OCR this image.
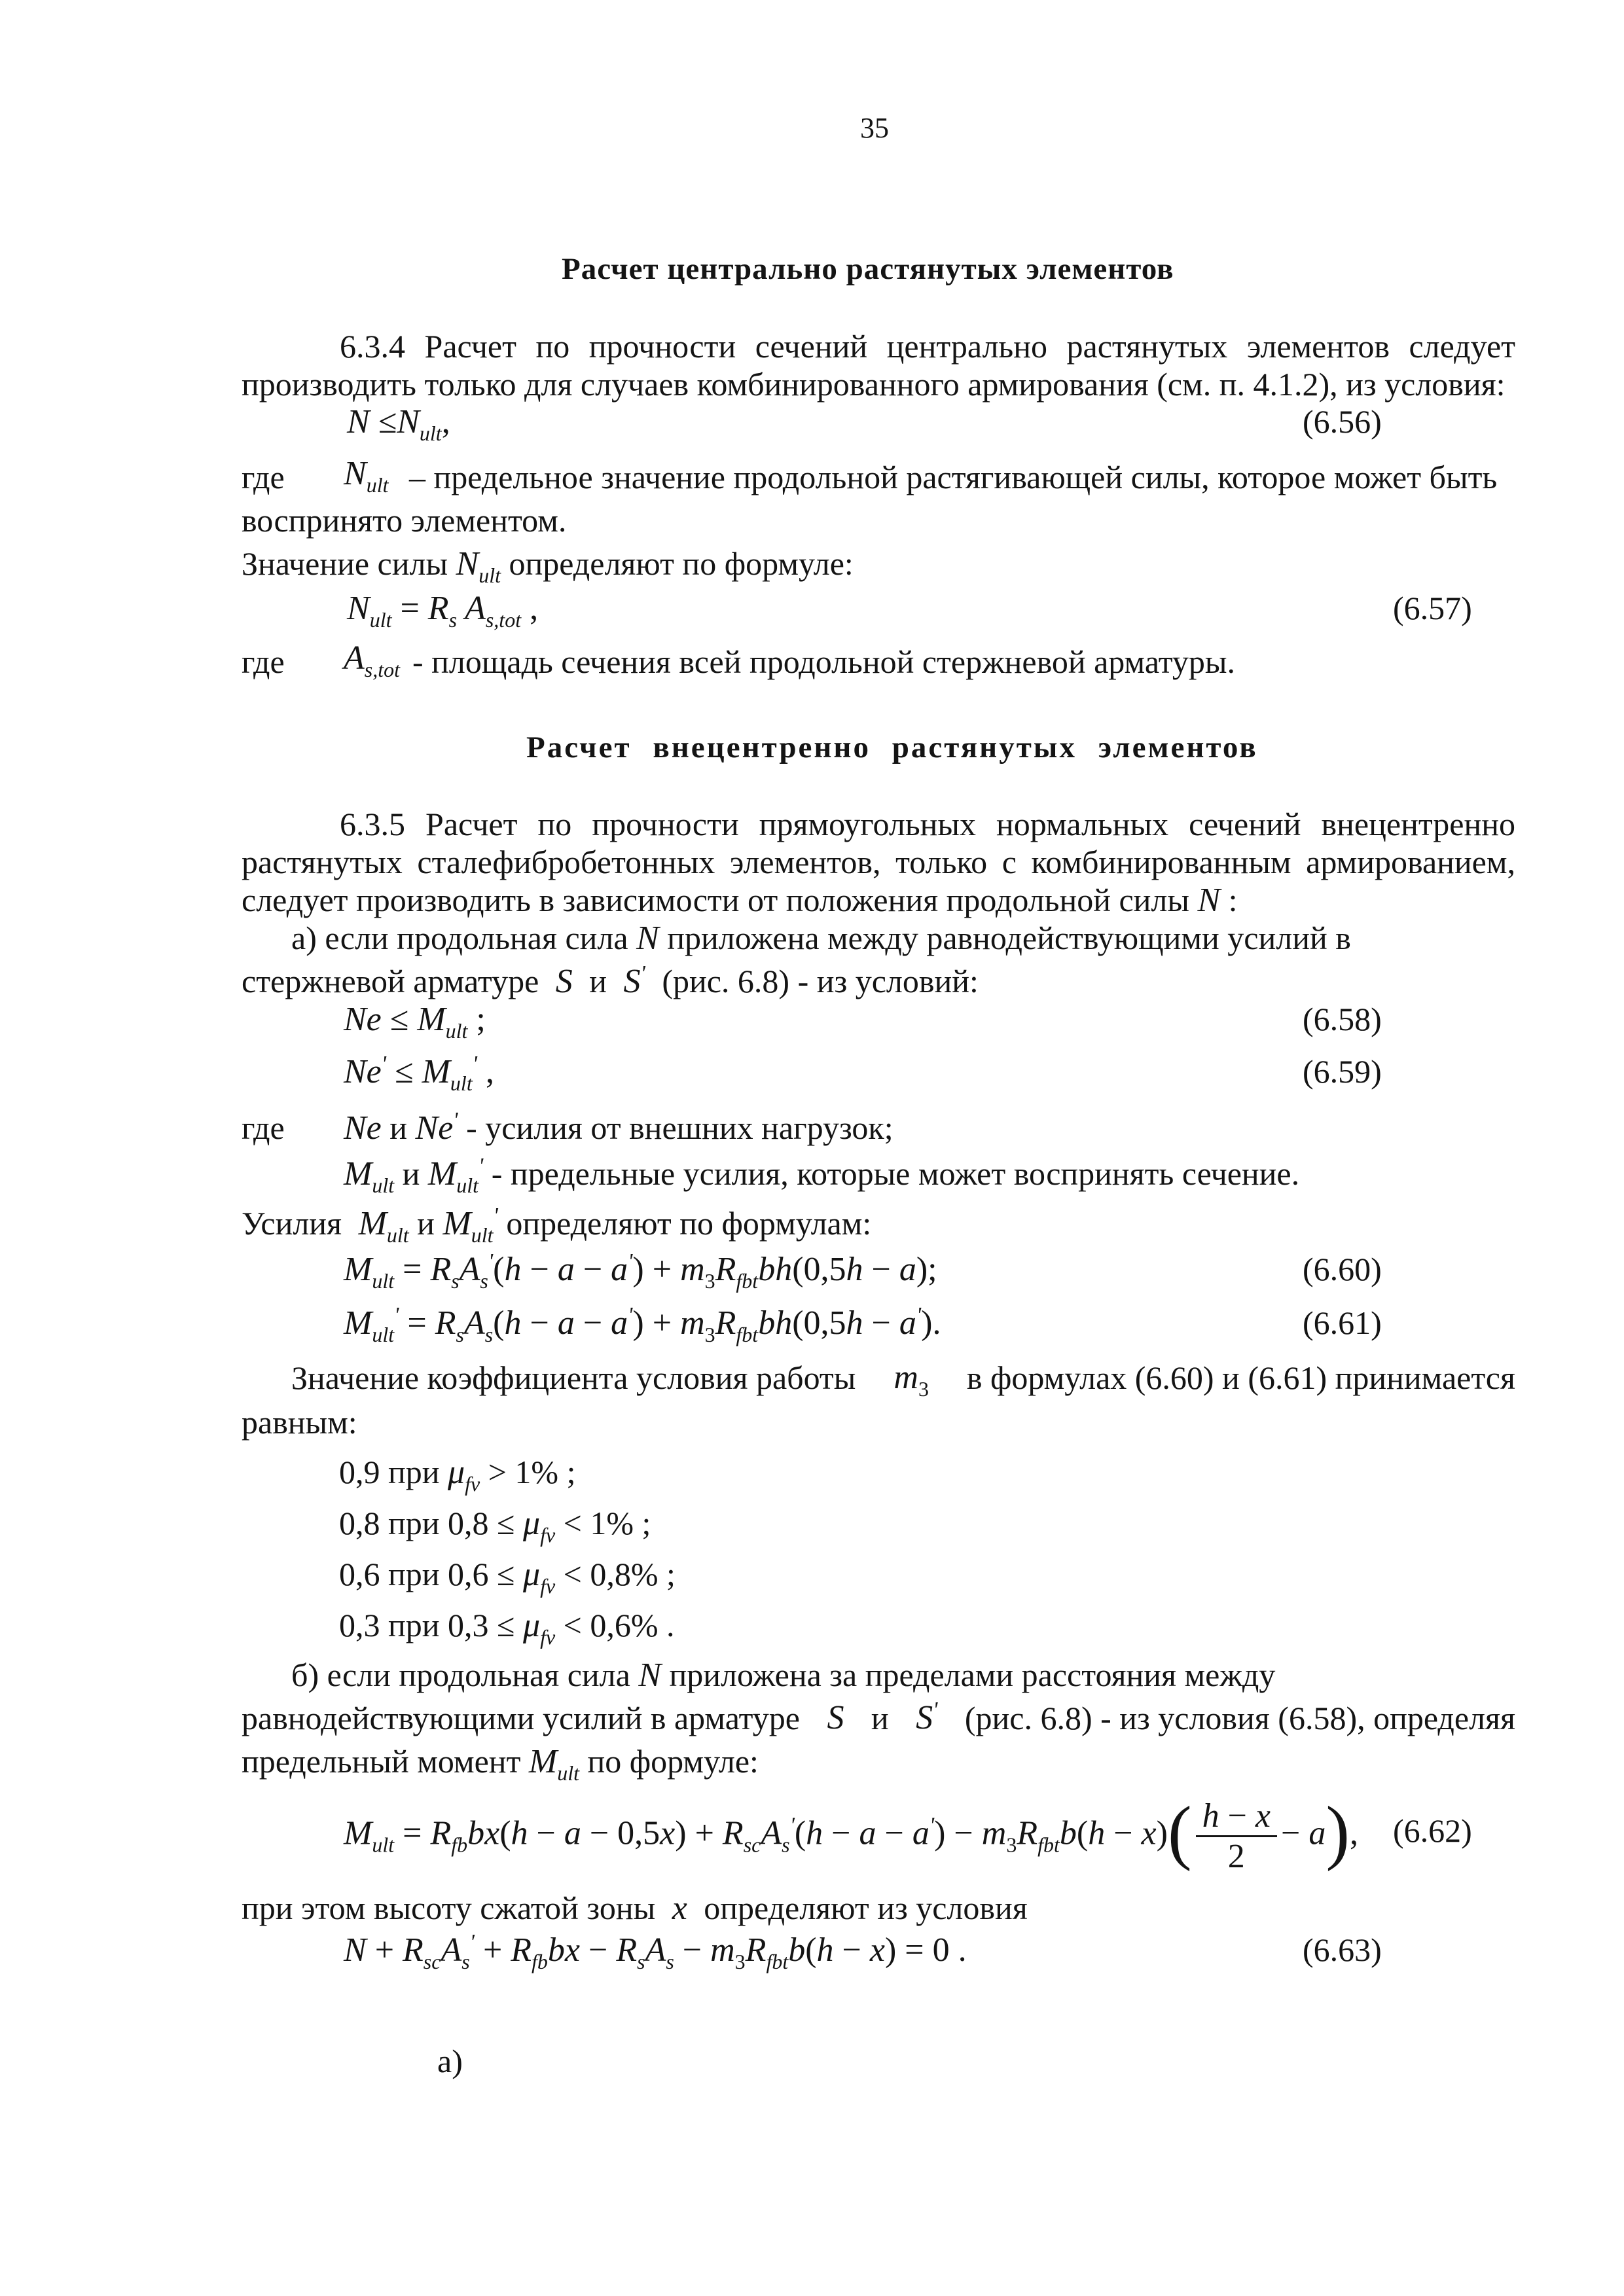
35
Расчет центрально растянутых элементов
6.3.4 Расчет по прочности сечений центрально растянутых элементов следует
производить только для случаев комбинированного армирования (см. п. 4.1.2), из условия:
$N \le N_{ult}$,	(6.56)
где $N_{ult}$ – предельное значение продольной растягивающей силы, которое может быть
воспринято элементом.
Значение силы $N_{ult}$ определяют по формуле:
$N_{ult} = R_s$ $A_{s,tot}$ ,	(6.57)
где $A_{s,tot}$ - площадь сечения всей продольной стержневой арматуры.
Расчет внецентренно растянутых элементов
6.3.5 Расчет по прочности прямоугольных нормальных сечений внецентренно
растянутых сталефибробетонных элементов, только с комбинированным армированием,
следует производить в зависимости от положения продольной силы N :
а) если продольная сила N приложена между равнодействующими усилий в
стержневой арматуре  S  и  S' (рис. 6.8) - из условий:
$Ne \le M_{ult}$ ;	(6.58)
$Ne' \le M_{ult}'$ ,	(6.59)
где Ne и Ne' - усилия от внешних нагрузок;
$M_{ult}$ и $M_{ult}'$ - предельные усилия, которые может воспринять сечение.
Усилия  $M_{ult}$ и $M_{ult}'$ определяют по формулам:
$M_{ult} = R_sA_s'(h - a - a') + m_3R_{fbt}bh(0,5h - a)$;	(6.60)
$M_{ult}' = R_sA_s(h - a - a') + m_3R_{fbt}bh(0,5h - a')$.	(6.61)
Значение коэффициента условия работы $m_3$ в формулах (6.60) и (6.61) принимается
равным:
0,9 при $\mu_{fv} > 1\%$ ;
0,8 при $0,8 \le \mu_{fv} < 1\%$ ;
0,6 при $0,6 \le \mu_{fv} < 0,8\%$ ;
0,3 при $0,3 \le \mu_{fv} < 0,6\%$ .
б) если продольная сила N приложена за пределами расстояния между
равнодействующими усилий в арматуре S и S' (рис. 6.8) - из условия (6.58), определяя
предельный момент $M_{ult}$ по формуле:
$M_{ult} = R_{fb}bx(h - a - 0,5x) + R_{sc}A_s'(h - a - a') - m_3R_{fbt}b(h - x)( \frac{h - x}{2} - a)$, (6.62)
при этом высоту сжатой зоны  x  определяют из условия
$N + R_{sc}A_s' + R_{fb}bx - R_sA_s - m_3R_{fbt}b(h - x) = 0$ .	(6.63)
а)
